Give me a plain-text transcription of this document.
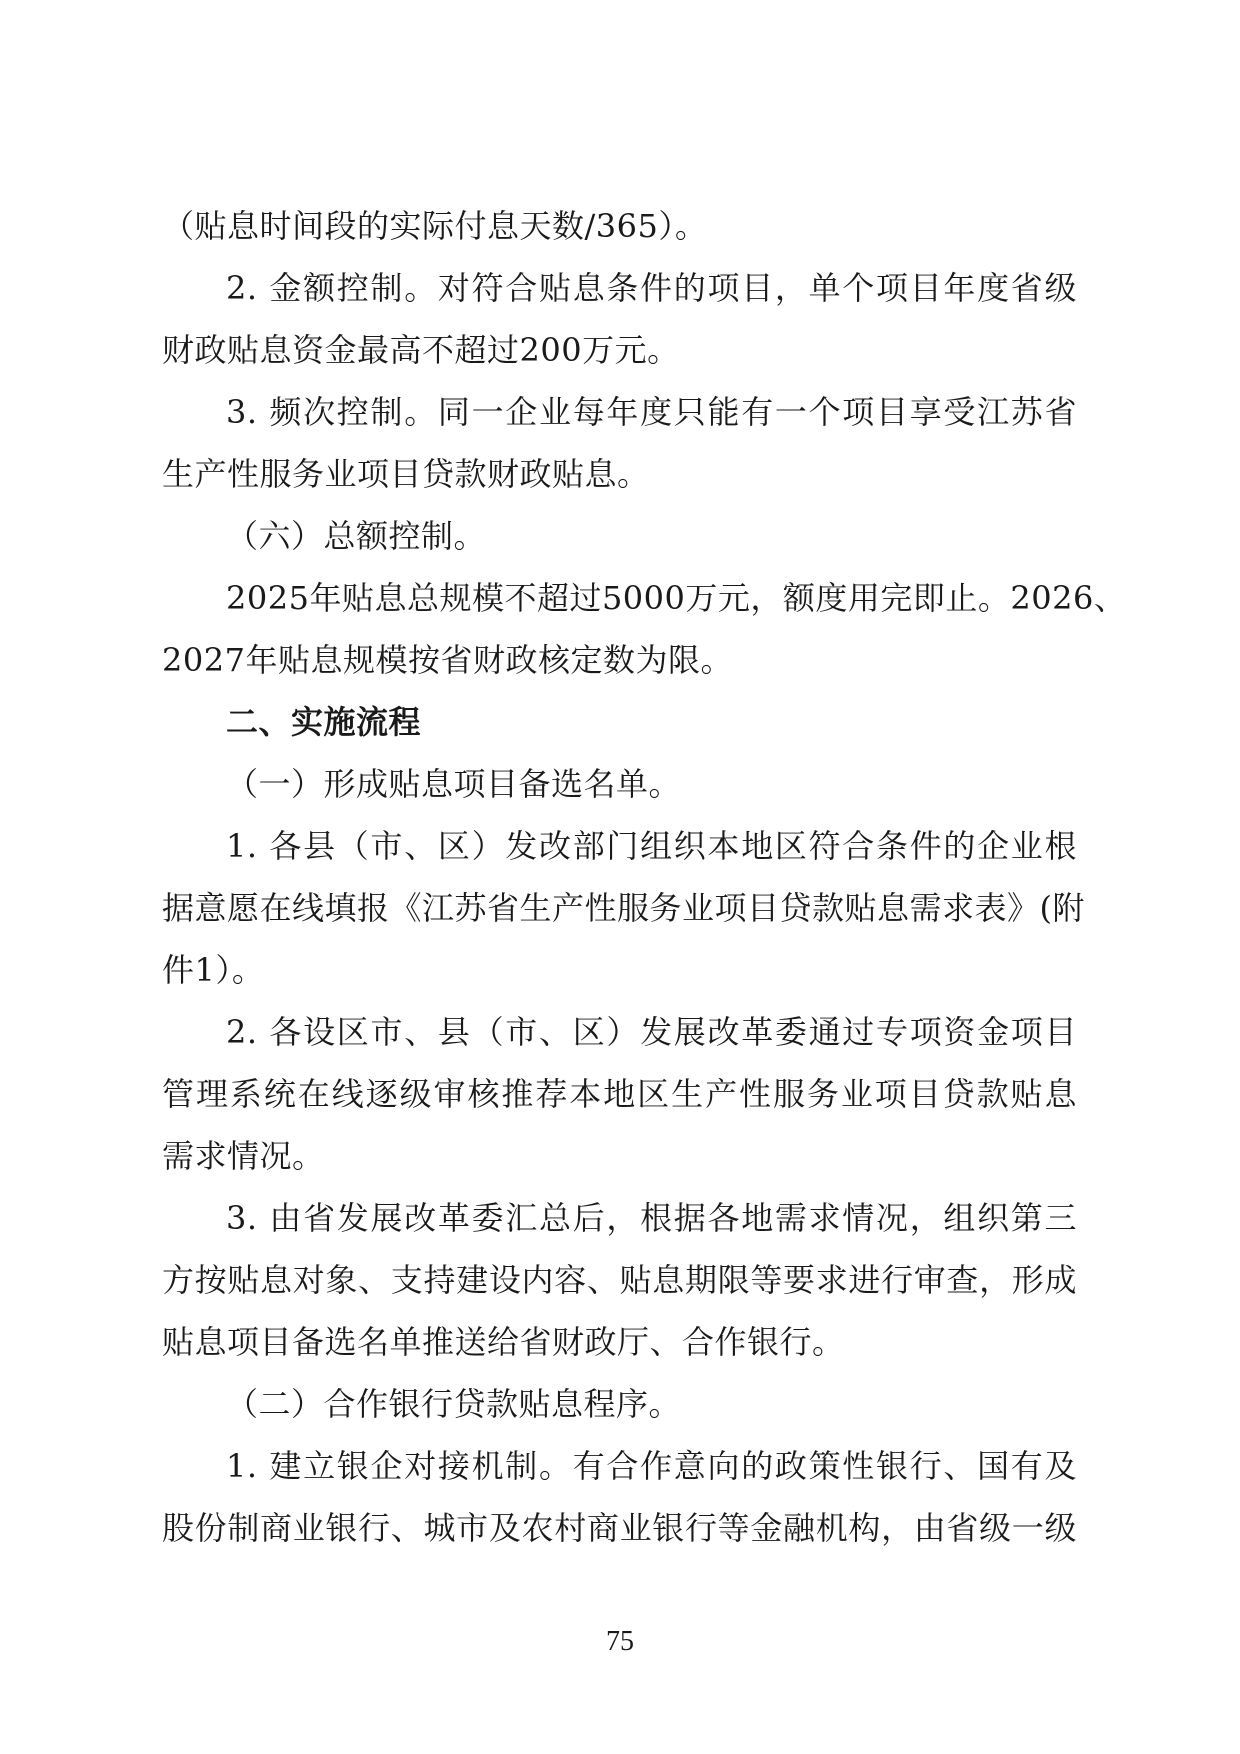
（贴息时间段的实际付息天数/365）。
2. 金额控制。对符合贴息条件的项目，单个项目年度省级
财政贴息资金最高不超过200万元。
3. 频次控制。同一企业每年度只能有一个项目享受江苏省
生产性服务业项目贷款财政贴息。
（六）总额控制。
2025年贴息总规模不超过5000万元，额度用完即止。2026、
2027年贴息规模按省财政核定数为限。
二、实施流程
（一）形成贴息项目备选名单。
1. 各县（市、区）发改部门组织本地区符合条件的企业根
据意愿在线填报《江苏省生产性服务业项目贷款贴息需求表》(附
件1）。
2. 各设区市、县（市、区）发展改革委通过专项资金项目
管理系统在线逐级审核推荐本地区生产性服务业项目贷款贴息
需求情况。
3. 由省发展改革委汇总后，根据各地需求情况，组织第三
方按贴息对象、支持建设内容、贴息期限等要求进行审查，形成
贴息项目备选名单推送给省财政厅、合作银行。
（二）合作银行贷款贴息程序。
1. 建立银企对接机制。有合作意向的政策性银行、国有及
股份制商业银行、城市及农村商业银行等金融机构，由省级一级
75
